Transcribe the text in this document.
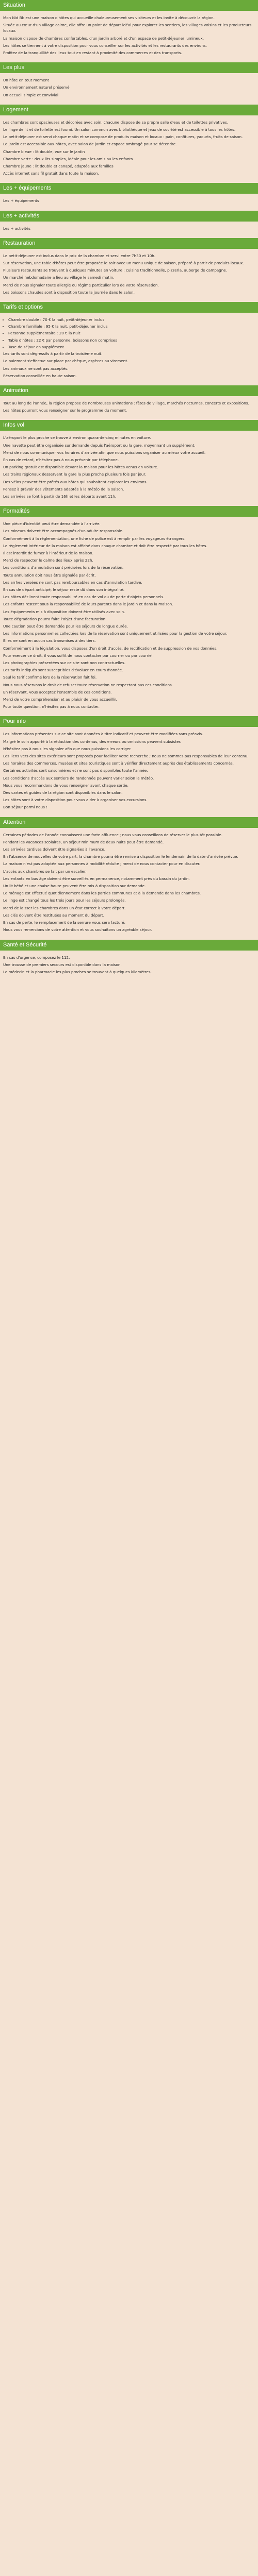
Situation

Mon Nid Bb est une maison d'hôtes qui accueille chaleureusement ses visiteurs et les invite à découvrir la région.

Située au cœur d'un village calme, elle offre un point de départ idéal pour explorer les sentiers, les villages voisins et les producteurs locaux.

La maison dispose de chambres confortables, d'un jardin arboré et d'un espace de petit-déjeuner lumineux.

Les hôtes se tiennent à votre disposition pour vous conseiller sur les activités et les restaurants des environs.

Profitez de la tranquillité des lieux tout en restant à proximité des commerces et des transports.

Les plus

Un hôte en tout moment

Un environnement naturel préservé

Un accueil simple et convivial

Logement

Les chambres sont spacieuses et décorées avec soin, chacune dispose de sa propre salle d'eau et de toilettes privatives.

Le linge de lit et de toilette est fourni. Un salon commun avec bibliothèque et jeux de société est accessible à tous les hôtes.

Le petit-déjeuner est servi chaque matin et se compose de produits maison et locaux : pain, confitures, yaourts, fruits de saison.

Le jardin est accessible aux hôtes, avec salon de jardin et espace ombragé pour se détendre.

Chambre bleue : lit double, vue sur le jardin

Chambre verte : deux lits simples, idéale pour les amis ou les enfants

Chambre jaune : lit double et canapé, adaptée aux familles

Accès internet sans fil gratuit dans toute la maison.

Les + équipements

Les + équipements

Les + activités

Les + activités

Restauration

Le petit-déjeuner est inclus dans le prix de la chambre et servi entre 7h30 et 10h.

Sur réservation, une table d'hôtes peut être proposée le soir avec un menu unique de saison, préparé à partir de produits locaux.

Plusieurs restaurants se trouvent à quelques minutes en voiture : cuisine traditionnelle, pizzeria, auberge de campagne.

Un marché hebdomadaire a lieu au village le samedi matin.

Merci de nous signaler toute allergie ou régime particulier lors de votre réservation.

Les boissons chaudes sont à disposition toute la journée dans le salon.

Tarifs et options
• Chambre double : 70 € la nuit, petit-déjeuner inclus
• Chambre familiale : 95 € la nuit, petit-déjeuner inclus
• Personne supplémentaire : 20 € la nuit
• Table d'hôtes : 22 € par personne, boissons non comprises
• Taxe de séjour en supplément

Les tarifs sont dégressifs à partir de la troisième nuit.

Le paiement s'effectue sur place par chèque, espèces ou virement.

Les animaux ne sont pas acceptés.

Réservation conseillée en haute saison.

Animation

Tout au long de l'année, la région propose de nombreuses animations : fêtes de village, marchés nocturnes, concerts et expositions.

Les hôtes pourront vous renseigner sur le programme du moment.

Infos vol

L'aéroport le plus proche se trouve à environ quarante-cinq minutes en voiture.

Une navette peut être organisée sur demande depuis l'aéroport ou la gare, moyennant un supplément.

Merci de nous communiquer vos horaires d'arrivée afin que nous puissions organiser au mieux votre accueil.

En cas de retard, n'hésitez pas à nous prévenir par téléphone.

Un parking gratuit est disponible devant la maison pour les hôtes venus en voiture.

Les trains régionaux desservent la gare la plus proche plusieurs fois par jour.

Des vélos peuvent être prêtés aux hôtes qui souhaitent explorer les environs.

Pensez à prévoir des vêtements adaptés à la météo de la saison.

Les arrivées se font à partir de 16h et les départs avant 11h.

Formalités

Une pièce d'identité peut être demandée à l'arrivée.

Les mineurs doivent être accompagnés d'un adulte responsable.

Conformément à la réglementation, une fiche de police est à remplir par les voyageurs étrangers.

Le règlement intérieur de la maison est affiché dans chaque chambre et doit être respecté par tous les hôtes.

Il est interdit de fumer à l'intérieur de la maison.

Merci de respecter le calme des lieux après 22h.

Les conditions d'annulation sont précisées lors de la réservation.

Toute annulation doit nous être signalée par écrit.

Les arrhes versées ne sont pas remboursables en cas d'annulation tardive.

En cas de départ anticipé, le séjour reste dû dans son intégralité.

Les hôtes déclinent toute responsabilité en cas de vol ou de perte d'objets personnels.

Les enfants restent sous la responsabilité de leurs parents dans le jardin et dans la maison.

Les équipements mis à disposition doivent être utilisés avec soin.

Toute dégradation pourra faire l'objet d'une facturation.

Une caution peut être demandée pour les séjours de longue durée.

Les informations personnelles collectées lors de la réservation sont uniquement utilisées pour la gestion de votre séjour.

Elles ne sont en aucun cas transmises à des tiers.

Conformément à la législation, vous disposez d'un droit d'accès, de rectification et de suppression de vos données.

Pour exercer ce droit, il vous suffit de nous contacter par courrier ou par courriel.

Les photographies présentées sur ce site sont non contractuelles.

Les tarifs indiqués sont susceptibles d'évoluer en cours d'année.

Seul le tarif confirmé lors de la réservation fait foi.

Nous nous réservons le droit de refuser toute réservation ne respectant pas ces conditions.

En réservant, vous acceptez l'ensemble de ces conditions.

Merci de votre compréhension et au plaisir de vous accueillir.

Pour toute question, n'hésitez pas à nous contacter.

Pour info

Les informations présentes sur ce site sont données à titre indicatif et peuvent être modifiées sans préavis.

Malgré le soin apporté à la rédaction des contenus, des erreurs ou omissions peuvent subsister.

N'hésitez pas à nous les signaler afin que nous puissions les corriger.

Les liens vers des sites extérieurs sont proposés pour faciliter votre recherche ; nous ne sommes pas responsables de leur contenu.

Les horaires des commerces, musées et sites touristiques sont à vérifier directement auprès des établissements concernés.

Certaines activités sont saisonnières et ne sont pas disponibles toute l'année.

Les conditions d'accès aux sentiers de randonnée peuvent varier selon la météo.

Nous vous recommandons de vous renseigner avant chaque sortie.

Des cartes et guides de la région sont disponibles dans le salon.

Les hôtes sont à votre disposition pour vous aider à organiser vos excursions.

Bon séjour parmi nous !

Attention

Certaines périodes de l'année connaissent une forte affluence ; nous vous conseillons de réserver le plus tôt possible.

Pendant les vacances scolaires, un séjour minimum de deux nuits peut être demandé.

Les arrivées tardives doivent être signalées à l'avance.

En l'absence de nouvelles de votre part, la chambre pourra être remise à disposition le lendemain de la date d'arrivée prévue.

La maison n'est pas adaptée aux personnes à mobilité réduite ; merci de nous contacter pour en discuter.

L'accès aux chambres se fait par un escalier.

Les enfants en bas âge doivent être surveillés en permanence, notamment près du bassin du jardin.

Un lit bébé et une chaise haute peuvent être mis à disposition sur demande.

Le ménage est effectué quotidiennement dans les parties communes et à la demande dans les chambres.

Le linge est changé tous les trois jours pour les séjours prolongés.

Merci de laisser les chambres dans un état correct à votre départ.

Les clés doivent être restituées au moment du départ.

En cas de perte, le remplacement de la serrure vous sera facturé.

Nous vous remercions de votre attention et vous souhaitons un agréable séjour.

Santé et Sécurité

En cas d'urgence, composez le 112.

Une trousse de premiers secours est disponible dans la maison.

Le médecin et la pharmacie les plus proches se trouvent à quelques kilomètres.
